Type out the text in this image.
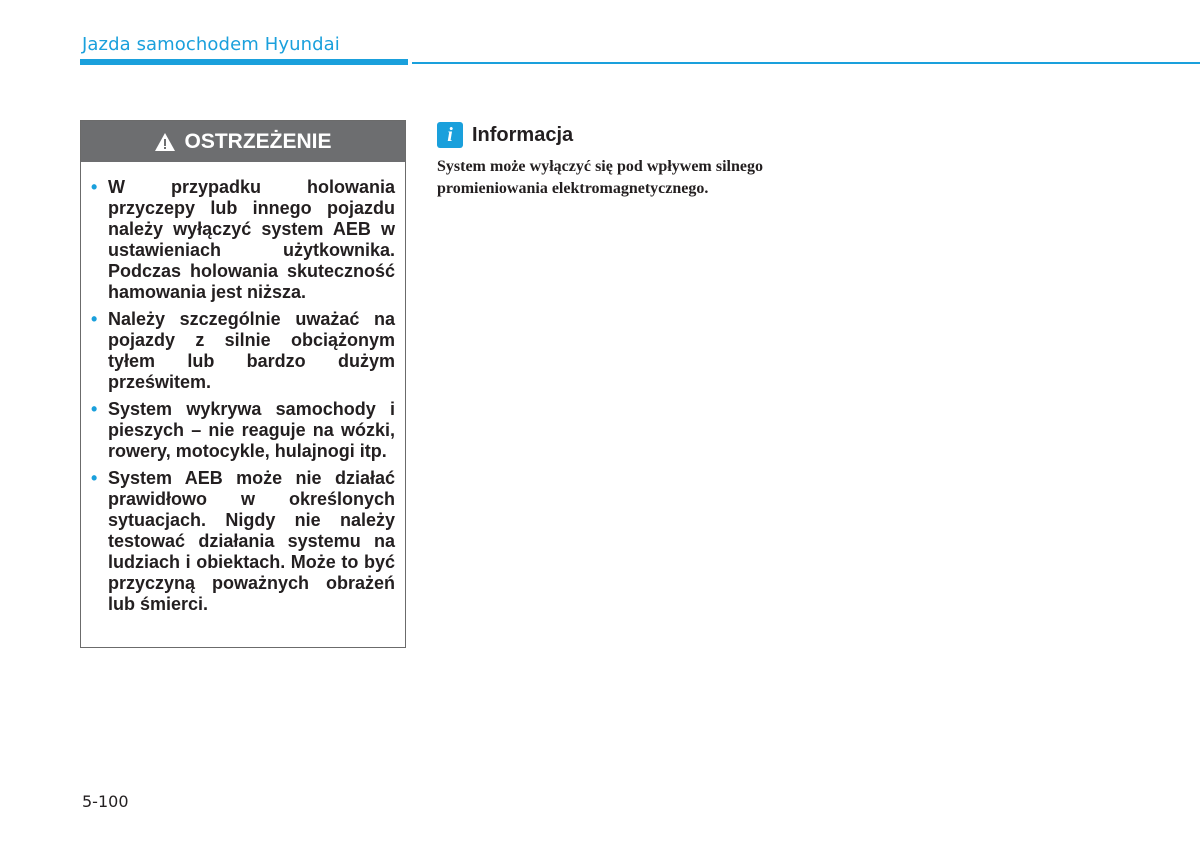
Jazda samochodem Hyundai
OSTRZEŻENIE
• W przypadku holowania przyczepy lub innego pojazdu należy wyłączyć system AEB w ustawieniach użytkownika. Podczas holowania skuteczność hamowania jest niższa.
• Należy szczególnie uważać na pojazdy z silnie obciążonym tyłem lub bardzo dużym prześwitem.
• System wykrywa samochody i pieszych – nie reaguje na wózki, rowery, motocykle, hulajnogi itp.
• System AEB może nie działać prawidłowo w określonych sytuacjach. Nigdy nie należy testować działania systemu na ludziach i obiektach. Może to być przyczyną poważnych obrażeń lub śmierci.
i Informacja
System może wyłączyć się pod wpływem silnego promieniowania elektromagnetycznego.
5-100
